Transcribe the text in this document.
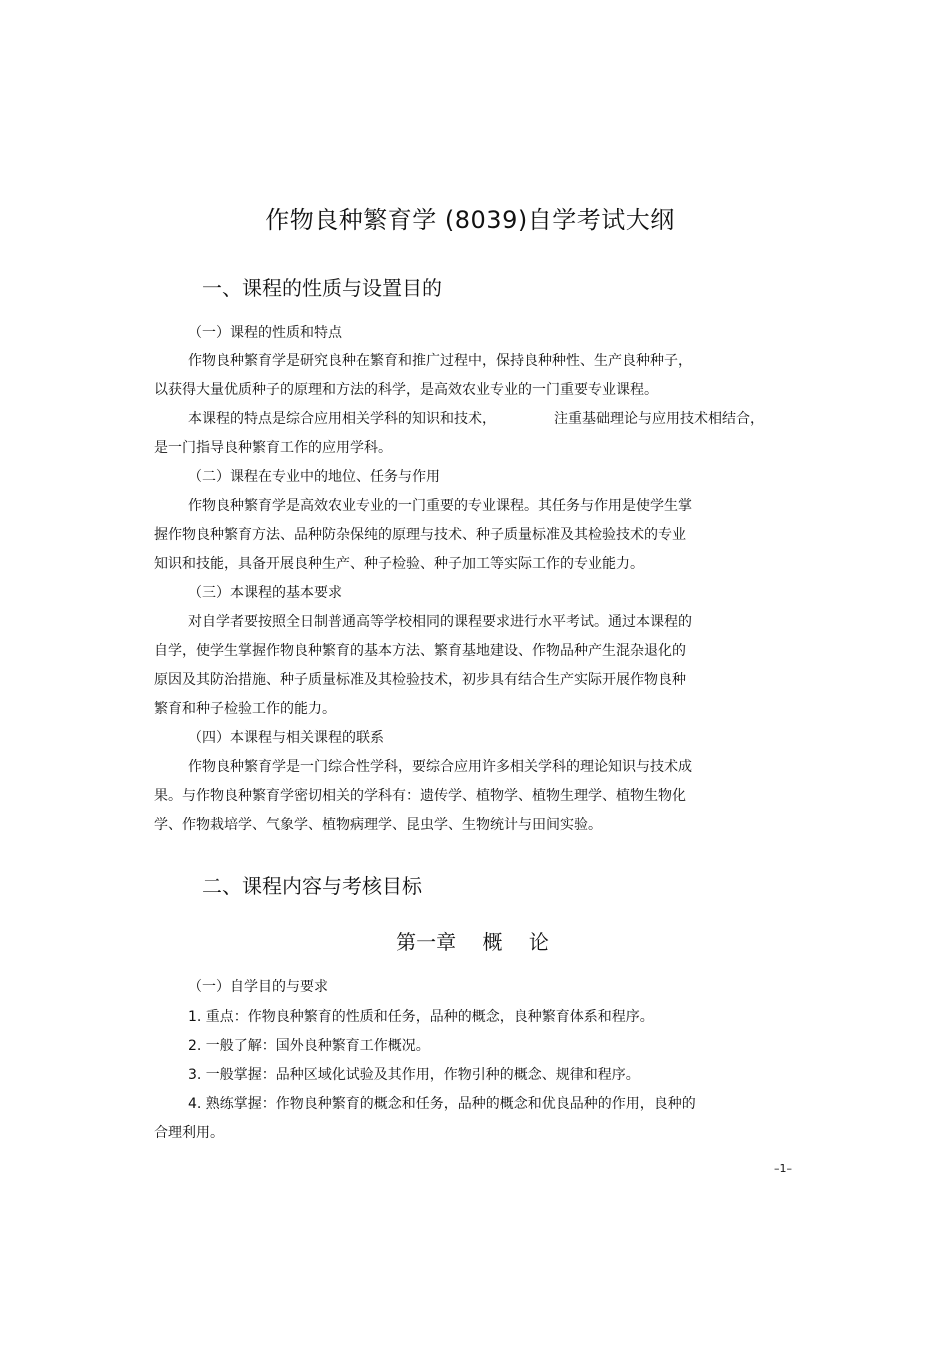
作物良种繁育学 (8039)自学考试大纲
一、课程的性质与设置目的
（一）课程的性质和特点
作物良种繁育学是研究良种在繁育和推广过程中，保持良种种性、生产良种种子，
以获得大量优质种子的原理和方法的科学，是高效农业专业的一门重要专业课程。
本课程的特点是综合应用相关学科的知识和技术，	注重基础理论与应用技术相结合，
是一门指导良种繁育工作的应用学科。
（二）课程在专业中的地位、任务与作用
作物良种繁育学是高效农业专业的一门重要的专业课程。其任务与作用是使学生掌
握作物良种繁育方法、品种防杂保纯的原理与技术、种子质量标准及其检验技术的专业
知识和技能，具备开展良种生产、种子检验、种子加工等实际工作的专业能力。
（三）本课程的基本要求
对自学者要按照全日制普通高等学校相同的课程要求进行水平考试。通过本课程的
自学，使学生掌握作物良种繁育的基本方法、繁育基地建设、作物品种产生混杂退化的
原因及其防治措施、种子质量标准及其检验技术，初步具有结合生产实际开展作物良种
繁育和种子检验工作的能力。
（四）本课程与相关课程的联系
作物良种繁育学是一门综合性学科，要综合应用许多相关学科的理论知识与技术成
果。与作物良种繁育学密切相关的学科有：遗传学、植物学、植物生理学、植物生物化
学、作物栽培学、气象学、植物病理学、昆虫学、生物统计与田间实验。
二、课程内容与考核目标
第一章 概 论
（一）自学目的与要求
1. 重点：作物良种繁育的性质和任务，品种的概念，良种繁育体系和程序。
2. 一般了解：国外良种繁育工作概况。
3. 一般掌握：品种区域化试验及其作用，作物引种的概念、规律和程序。
4. 熟练掌握：作物良种繁育的概念和任务，品种的概念和优良品种的作用，良种的
合理利用。
–1–
